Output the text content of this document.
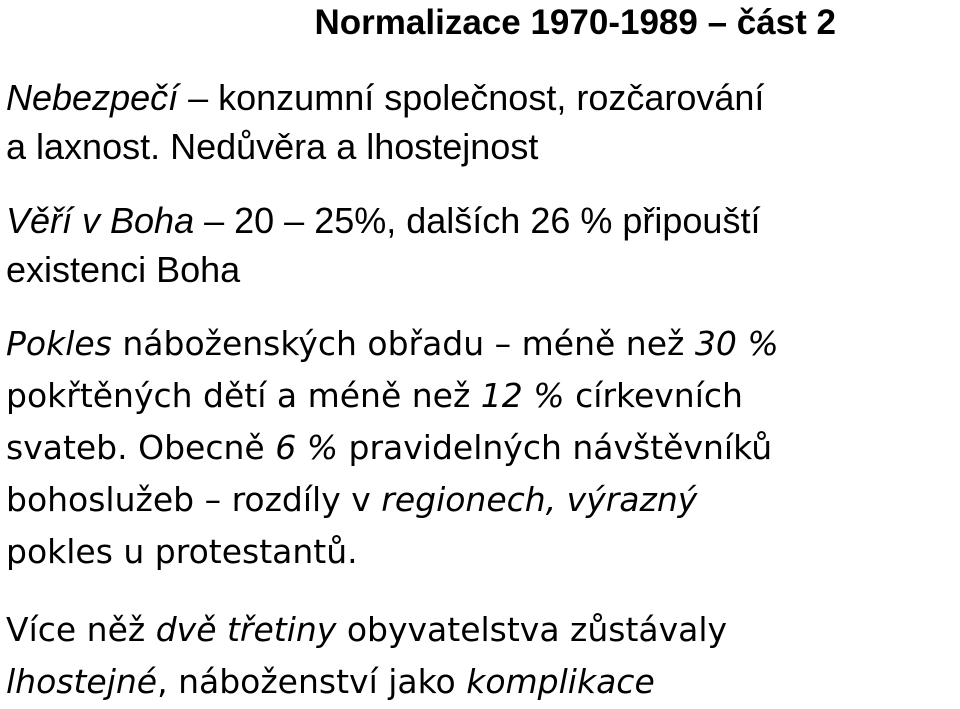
Normalizace 1970-1989 – část 2
Nebezpečí – konzumní společnost, rozčarování
a laxnost. Nedůvěra a lhostejnost
Věří v Boha – 20 – 25%, dalších 26 % připouští
existenci Boha
Pokles náboženských obřadu – méně než 30 %
pokřtěných dětí a méně než 12 % církevních
svateb. Obecně 6 % pravidelných návštěvníků
bohoslužeb – rozdíly v regionech, výrazný
pokles u protestantů.
Více něž dvě třetiny obyvatelstva zůstávaly
lhostejné, náboženství jako komplikace
